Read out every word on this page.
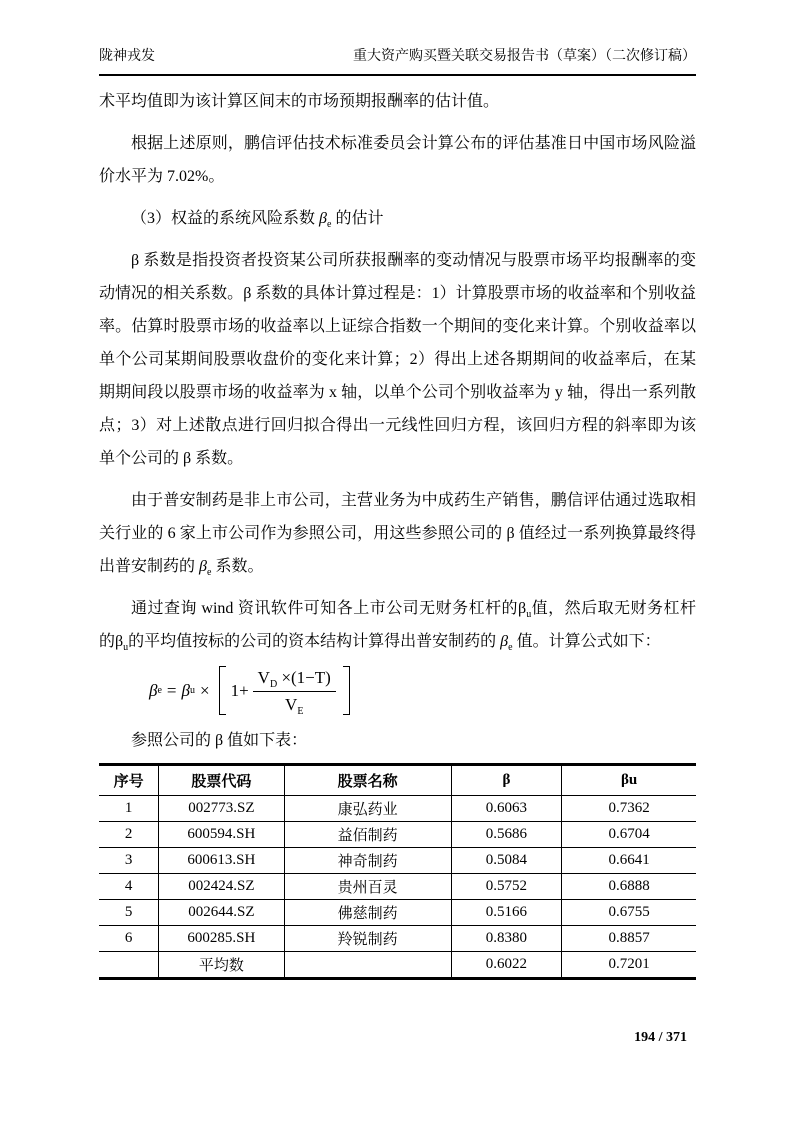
陇神戎发	重大资产购买暨关联交易报告书（草案）（二次修订稿）

术平均值即为该计算区间末的市场预期报酬率的估计值。

根据上述原则，鹏信评估技术标准委员会计算公布的评估基准日中国市场风险溢价水平为 7.02%。

（3）权益的系统风险系数 $\beta_e$ 的估计

β 系数是指投资者投资某公司所获报酬率的变动情况与股票市场平均报酬率的变动情况的相关系数。β 系数的具体计算过程是：1）计算股票市场的收益率和个别收益率。估算时股票市场的收益率以上证综合指数一个期间的变化来计算。个别收益率以单个公司某期间股票收盘价的变化来计算；2）得出上述各期期间的收益率后，在某期期间段以股票市场的收益率为 x 轴，以单个公司个别收益率为 y 轴，得出一系列散点；3）对上述散点进行回归拟合得出一元线性回归方程，该回归方程的斜率即为该单个公司的 β 系数。

由于普安制药是非上市公司，主营业务为中成药生产销售，鹏信评估通过选取相关行业的 6 家上市公司作为参照公司，用这些参照公司的 β 值经过一系列换算最终得出普安制药的 $\beta_e$ 系数。

通过查询 wind 资讯软件可知各上市公司无财务杠杆的$\beta_u$值，然后取无财务杠杆的$\beta_u$的平均值按标的公司的资本结构计算得出普安制药的 $\beta_e$ 值。计算公式如下：

β e = β $u \times 1+ \frac{V_D \times(1-T)}{V_E}$

参照公司的 β 值如下表：

序号	股票代码	股票名称	β	βu
1	002773.SZ	康弘药业	0.6063	0.7362
2	600594.SH	益佰制药	0.5686	0.6704
3	600613.SH	神奇制药	0.5084	0.6641
4	002424.SZ	贵州百灵	0.5752	0.6888
5	002644.SZ	佛慈制药	0.5166	0.6755
6	600285.SH	羚锐制药	0.8380	0.8857
	平均数		0.6022	0.7201
194 / 371
